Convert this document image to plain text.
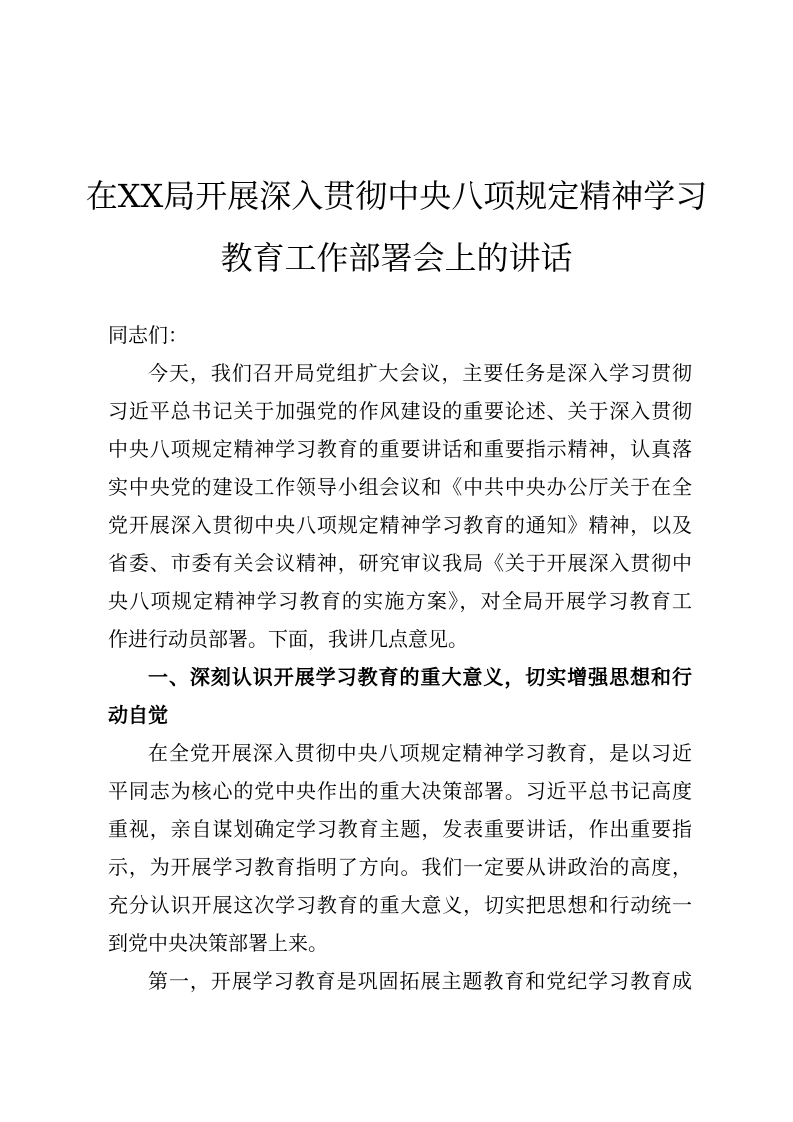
在XX局开展深入贯彻中央八项规定精神学习
教育工作部署会上的讲话
同志们：
今天，我们召开局党组扩大会议，主要任务是深入学习贯彻
习近平总书记关于加强党的作风建设的重要论述、关于深入贯彻
中央八项规定精神学习教育的重要讲话和重要指示精神，认真落
实中央党的建设工作领导小组会议和《中共中央办公厅关于在全
党开展深入贯彻中央八项规定精神学习教育的通知》精神，以及
省委、市委有关会议精神，研究审议我局《关于开展深入贯彻中
央八项规定精神学习教育的实施方案》，对全局开展学习教育工
作进行动员部署。下面，我讲几点意见。
一、深刻认识开展学习教育的重大意义，切实增强思想和行
动自觉
在全党开展深入贯彻中央八项规定精神学习教育，是以习近
平同志为核心的党中央作出的重大决策部署。习近平总书记高度
重视，亲自谋划确定学习教育主题，发表重要讲话，作出重要指
示，为开展学习教育指明了方向。我们一定要从讲政治的高度，
充分认识开展这次学习教育的重大意义，切实把思想和行动统一
到党中央决策部署上来。
第一，开展学习教育是巩固拓展主题教育和党纪学习教育成
